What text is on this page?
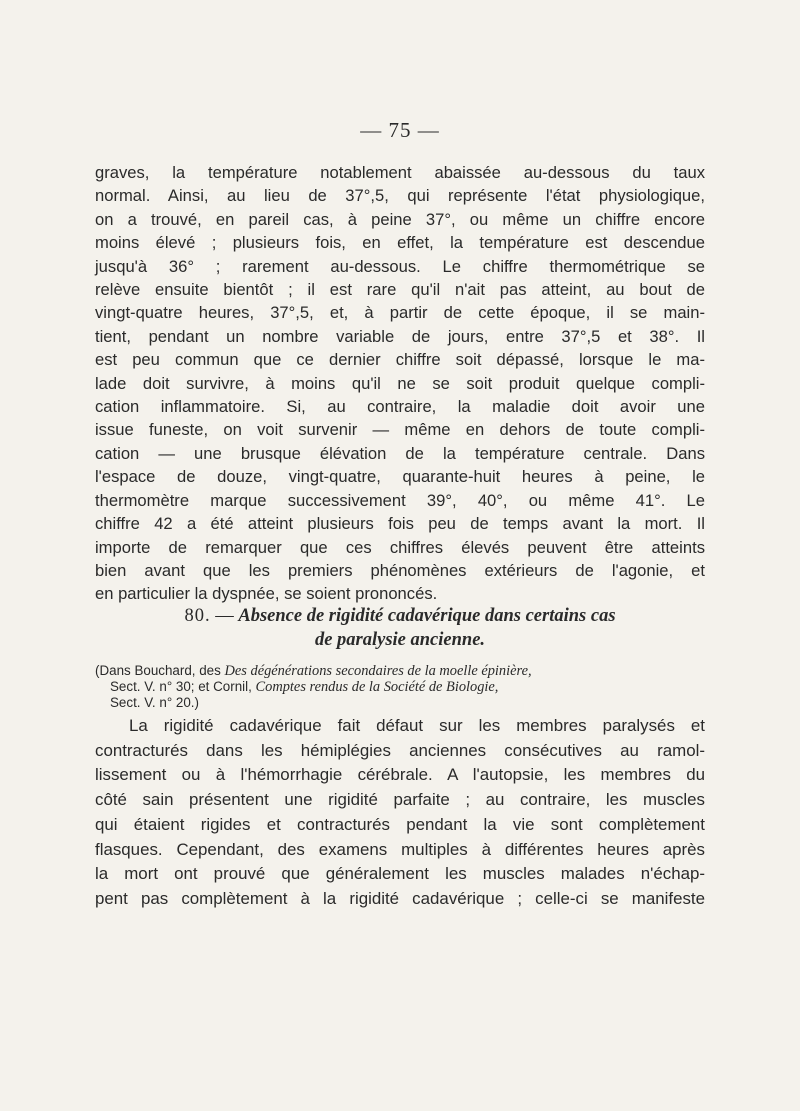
— 75 —
graves, la température notablement abaissée au-dessous du taux
normal. Ainsi, au lieu de 37°,5, qui représente l'état physiologique,
on a trouvé, en pareil cas, à peine 37°, ou même un chiffre encore
moins élevé ; plusieurs fois, en effet, la température est descendue
jusqu'à 36° ; rarement au-dessous. Le chiffre thermométrique se
relève ensuite bientôt ; il est rare qu'il n'ait pas atteint, au bout de
vingt-quatre heures, 37°,5, et, à partir de cette époque, il se main-
tient, pendant un nombre variable de jours, entre 37°,5 et 38°. Il
est peu commun que ce dernier chiffre soit dépassé, lorsque le ma-
lade doit survivre, à moins qu'il ne se soit produit quelque compli-
cation inflammatoire. Si, au contraire, la maladie doit avoir une
issue funeste, on voit survenir — même en dehors de toute compli-
cation — une brusque élévation de la température centrale. Dans
l'espace de douze, vingt-quatre, quarante-huit heures à peine, le
thermomètre marque successivement 39°, 40°, ou même 41°. Le
chiffre 42 a été atteint plusieurs fois peu de temps avant la mort. Il
importe de remarquer que ces chiffres élevés peuvent être atteints
bien avant que les premiers phénomènes extérieurs de l'agonie, et
en particulier la dyspnée, se soient prononcés.
80. — Absence de rigidité cadavérique dans certains cas
de paralysie ancienne.
(Dans Bouchard, des Des dégénérations secondaires de la moelle épinière,
Sect. V. n° 30; et Cornil, Comptes rendus de la Société de Biologie,
Sect. V. n° 20.)
La rigidité cadavérique fait défaut sur les membres paralysés et
contracturés dans les hémiplégies anciennes consécutives au ramol-
lissement ou à l'hémorrhagie cérébrale. A l'autopsie, les membres du
côté sain présentent une rigidité parfaite ; au contraire, les muscles
qui étaient rigides et contracturés pendant la vie sont complètement
flasques. Cependant, des examens multiples à différentes heures après
la mort ont prouvé que généralement les muscles malades n'échap-
pent pas complètement à la rigidité cadavérique ; celle-ci se manifeste
